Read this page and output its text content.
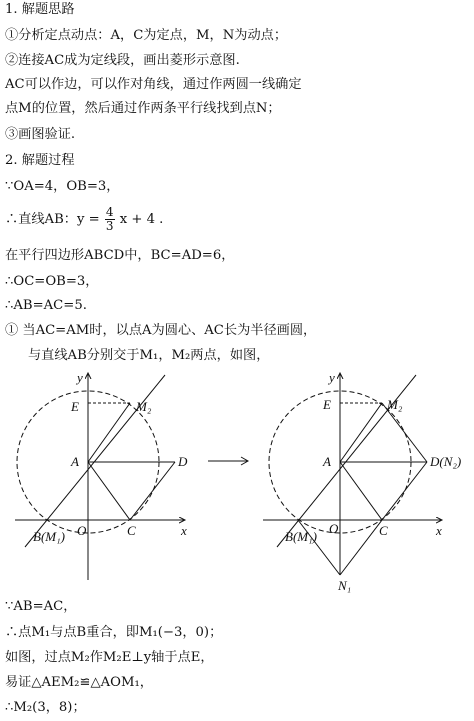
1. 解题思路
①分析定点动点：A，C为定点，M，N为动点；
②连接AC成为定线段，画出菱形示意图.
AC可以作边，可以作对角线，通过作两圆一线确定
点M的位置，然后通过作两条平行线找到点N；
③画图验证.
2. 解题过程
∵OA=4，OB=3，
∴直线AB：$y = \frac{4}{3}$ x + 4 .
在平行四边形ABCD中，BC=AD=6，
∴OC=OB=3，
∴AB=AC=5.
① 当AC=AM时，以点A为圆心、AC长为半径画圆，
与直线AB分别交于M₁，M₂两点，如图，
y
x
E	M₂
A	D
C
O
B(M₁)
y
x
E	M₂
A	D(N₂)
C
O
B(M₁)
N₁
∵AB=AC，
∴点M₁与点B重合，即M₁(−3，0)；
如图，过点M₂作M₂E⊥y轴于点E，
易证△AEM₂≌△AOM₁，
∴M₂(3，8)；
